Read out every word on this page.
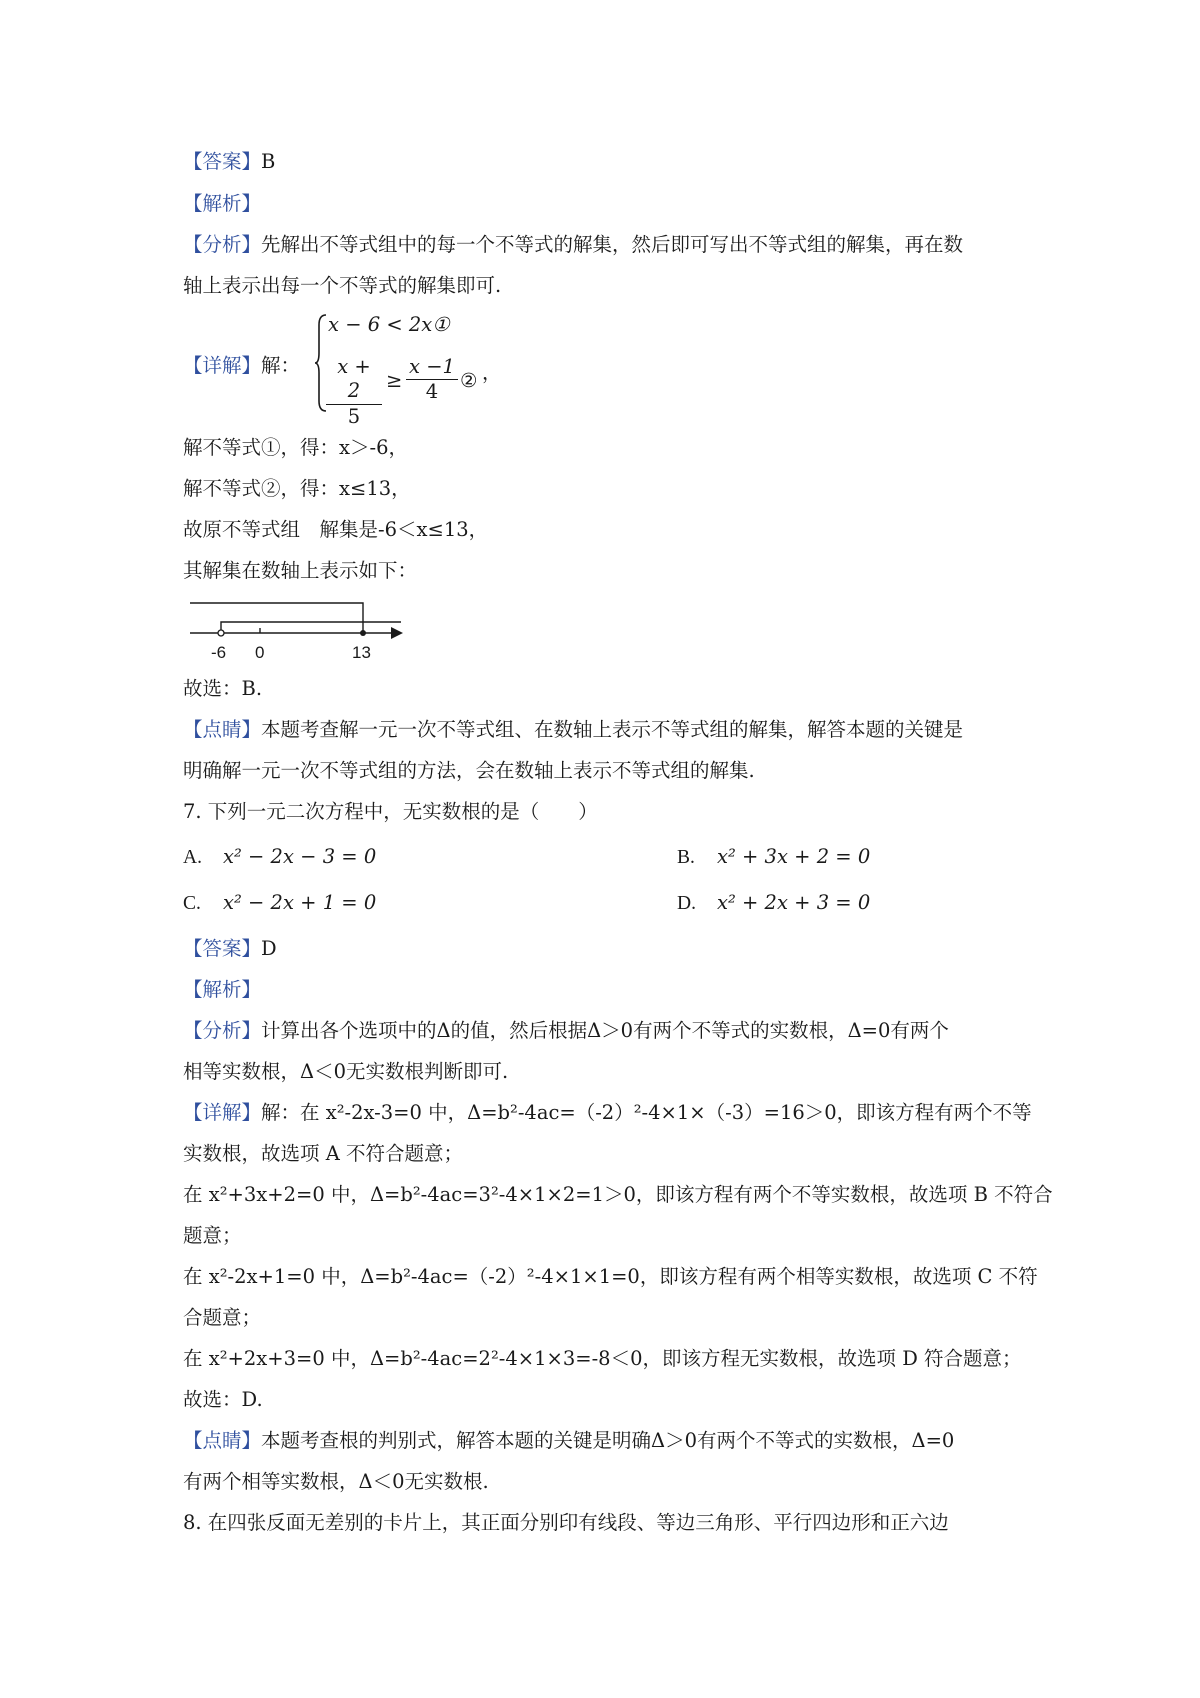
【答案】B
【解析】
【分析】先解出不等式组中的每一个不等式的解集，然后即可写出不等式组的解集，再在数
轴上表示出每一个不等式的解集即可.
【详解】解：
x − 6 < 2x①
$\frac{x + 2}{5} \ge \frac{x -1}{4}$ ② ，
解不等式①，得：x＞-6，
解不等式②，得：x≤13，
故原不等式组　解集是-6＜x≤13，
其解集在数轴上表示如下：
-6 0	13
故选：B.
【点睛】本题考查解一元一次不等式组、在数轴上表示不等式组的解集，解答本题的关键是
明确解一元一次不等式组的方法，会在数轴上表示不等式组的解集.
7. 下列一元二次方程中，无实数根的是（　　）
A. x² − 2x − 3 = 0	B. x² + 3x + 2 = 0
C. x² − 2x + 1 = 0	D. x² + 2x + 3 = 0
【答案】D
【解析】
【分析】计算出各个选项中的Δ的值，然后根据Δ＞0有两个不等式的实数根，Δ=0有两个
相等实数根，Δ＜0无实数根判断即可.
【详解】解：在 x²-2x-3=0 中，Δ=b²-4ac=（-2）²-4×1×（-3）=16＞0，即该方程有两个不等
实数根，故选项 A 不符合题意；
在 x²+3x+2=0 中，Δ=b²-4ac=3²-4×1×2=1＞0，即该方程有两个不等实数根，故选项 B 不符合
题意；
在 x²-2x+1=0 中，Δ=b²-4ac=（-2）²-4×1×1=0，即该方程有两个相等实数根，故选项 C 不符
合题意；
在 x²+2x+3=0 中，Δ=b²-4ac=2²-4×1×3=-8＜0，即该方程无实数根，故选项 D 符合题意；
故选：D.
【点睛】本题考查根的判别式，解答本题的关键是明确Δ＞0有两个不等式的实数根，Δ=0
有两个相等实数根，Δ＜0无实数根.
8. 在四张反面无差别的卡片上，其正面分别印有线段、等边三角形、平行四边形和正六边
